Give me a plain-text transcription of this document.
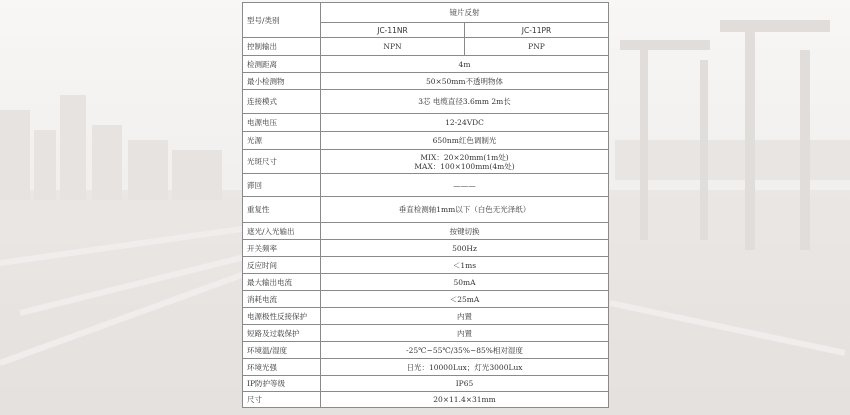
型号/类别	镜片反射	
	JC-11NR	JC-11PR
控制输出	NPN	PNP
检测距离	4m	
最小检测物	50×50mm不透明物体	
连接模式	3芯 电缆直径3.6mm 2m长	
电源电压	12-24VDC	
光源	650nm红色调制光	
光斑尺寸	MIX：20×20mm(1m处)
MAX：100×100mm(4m处)	

滞回	———	
重复性	垂直检测轴1mm以下（白色无光泽纸）	
遮光/入光输出	按键切换	
开关频率	500Hz	
反应时间	＜1ms	
最大输出电流	50mA	
消耗电流	＜25mA	
电源极性反接保护	内置	
短路及过载保护	内置	
环境温/湿度	-25℃~55℃/35%~85%相对湿度	
环境光强	日光：10000Lux；灯光3000Lux	
IP防护等级	IP65	
尺寸	20×11.4×31mm	
